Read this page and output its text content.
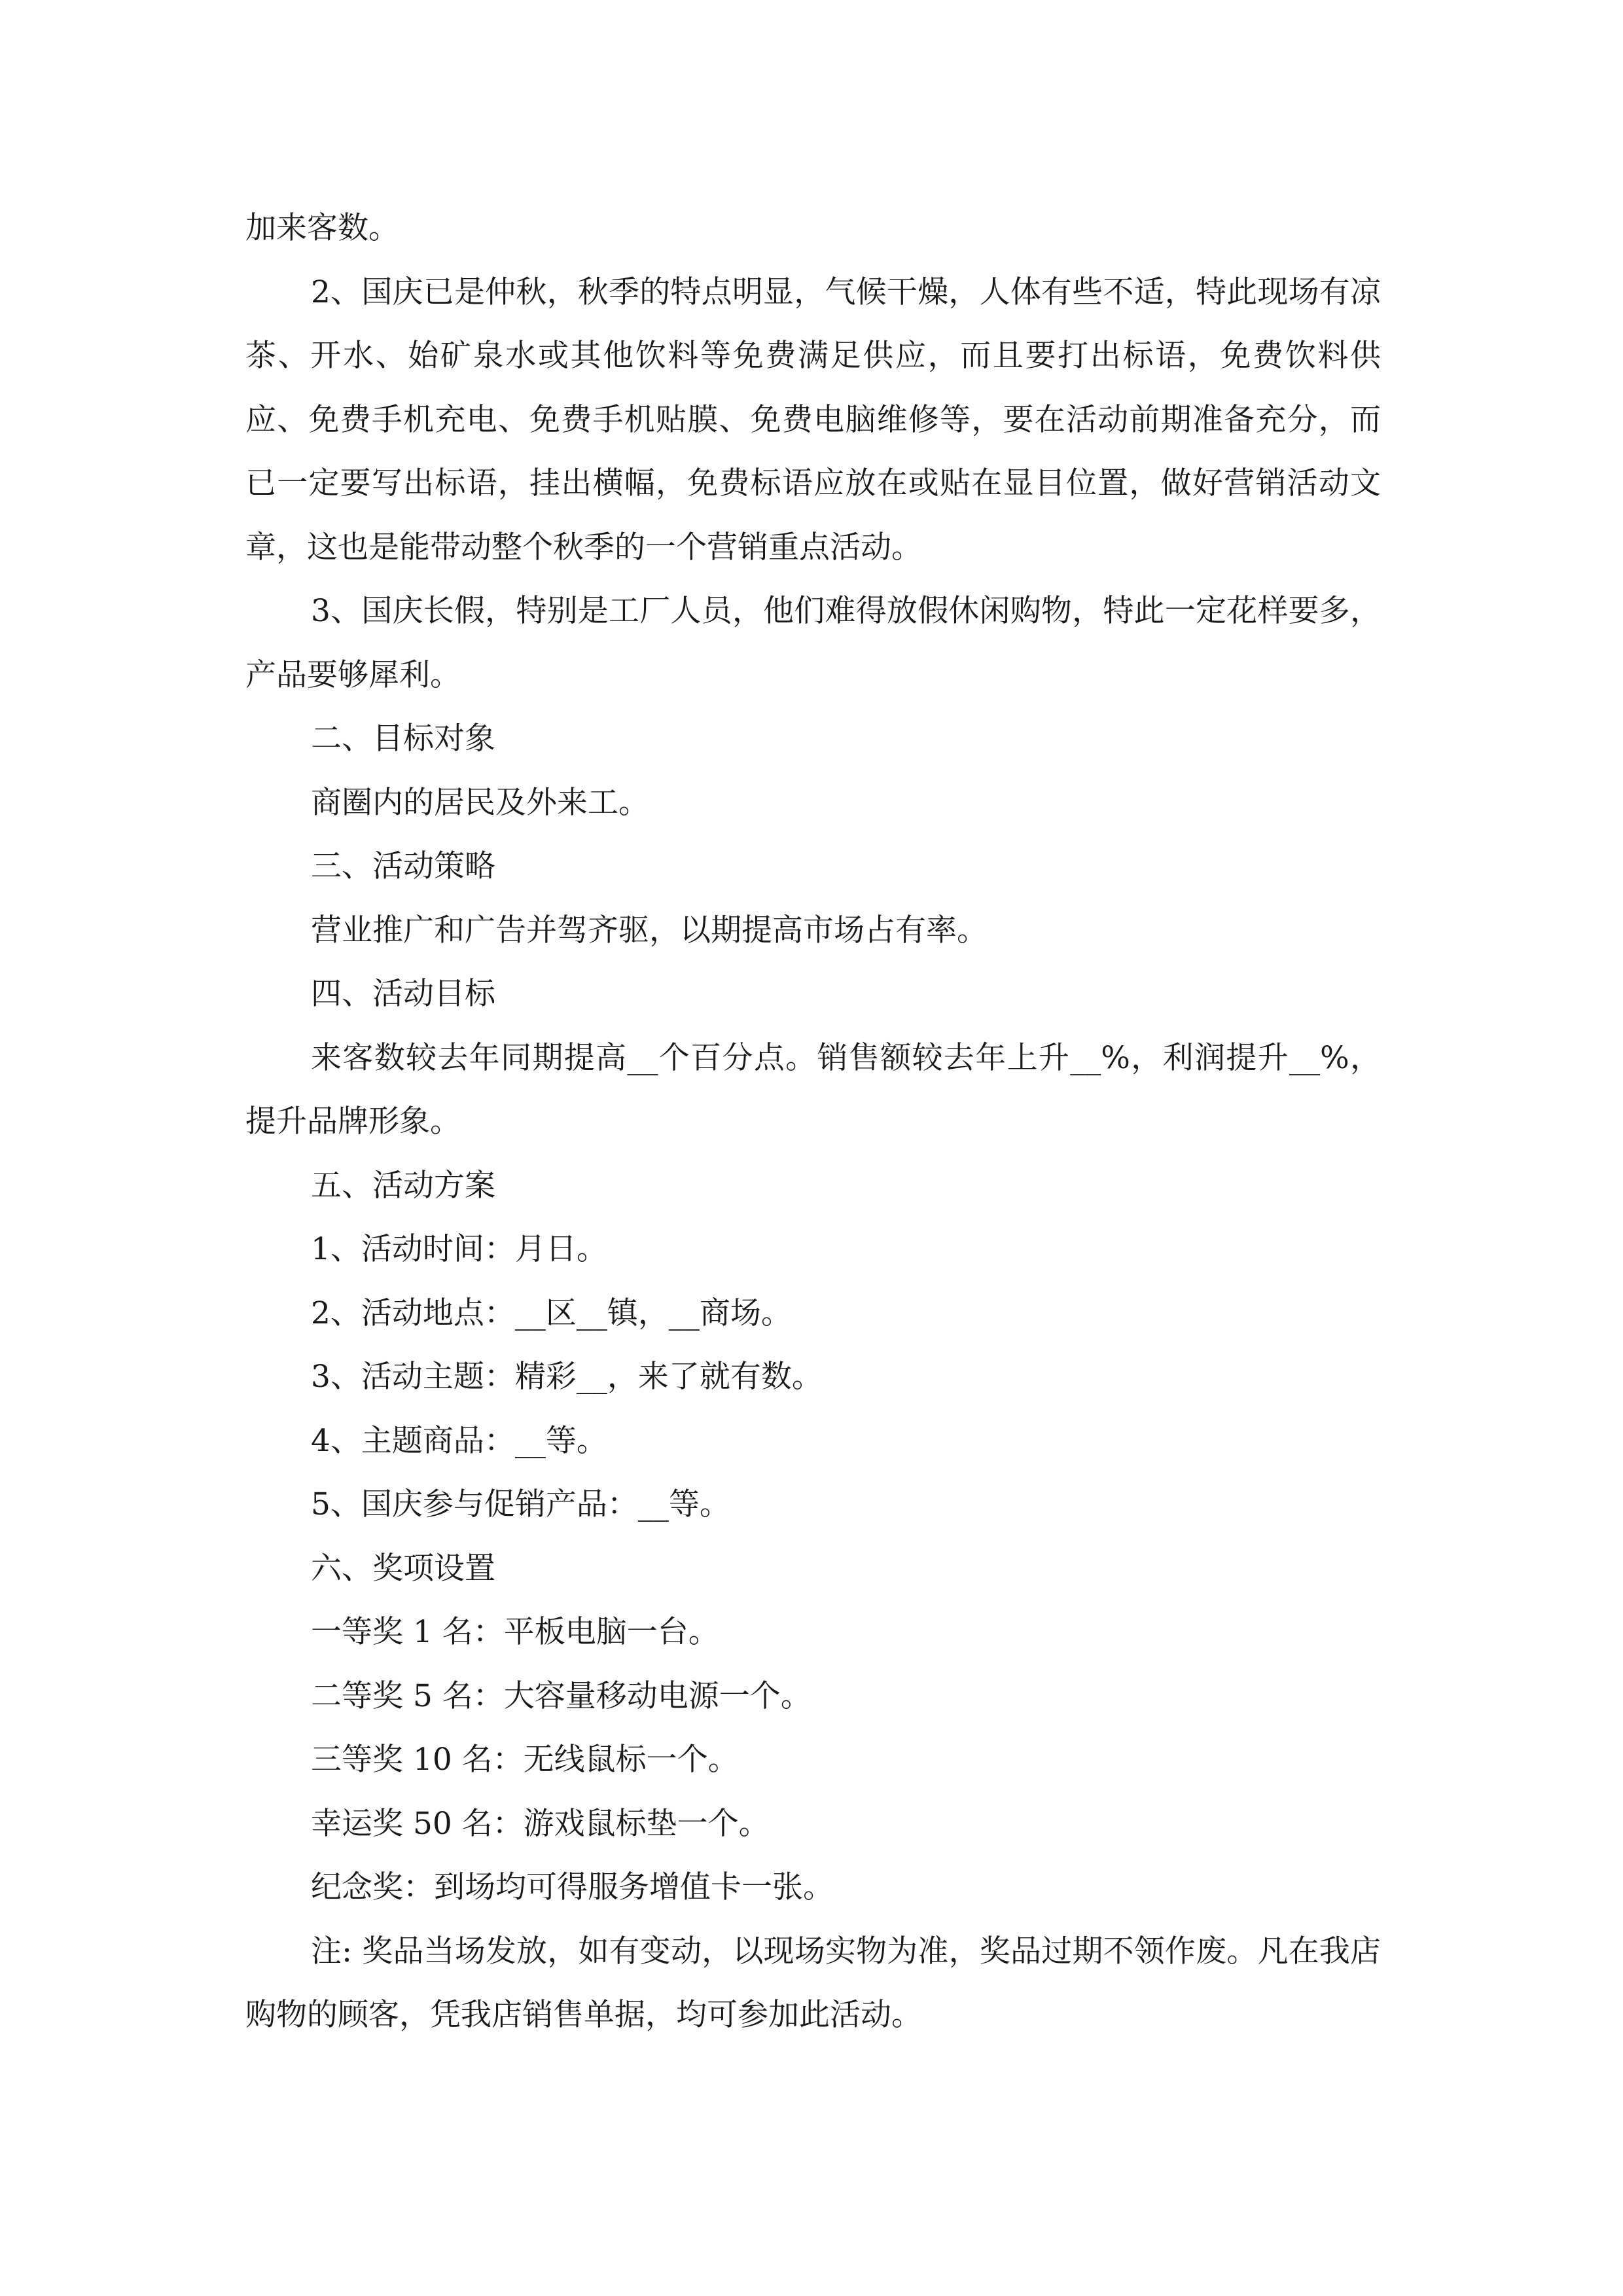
加来客数。

2、国庆已是仲秋，秋季的特点明显，气候干燥，人体有些不适，特此现场有凉茶、开水、始矿泉水或其他饮料等免费满足供应，而且要打出标语，免费饮料供应、免费手机充电、免费手机贴膜、免费电脑维修等，要在活动前期准备充分，而已一定要写出标语，挂出横幅，免费标语应放在或贴在显目位置，做好营销活动文章，这也是能带动整个秋季的一个营销重点活动。

3、国庆长假，特别是工厂人员，他们难得放假休闲购物，特此一定花样要多，产品要够犀利。

二、目标对象

商圈内的居民及外来工。

三、活动策略

营业推广和广告并驾齐驱，以期提高市场占有率。

四、活动目标

来客数较去年同期提高__个百分点。销售额较去年上升__%，利润提升__%，提升品牌形象。

五、活动方案

1、活动时间：月日。

2、活动地点：__区__镇，__商场。

3、活动主题：精彩__，来了就有数。

4、主题商品：__等。

5、国庆参与促销产品：__等。

六、奖项设置

一等奖 1 名：平板电脑一台。

二等奖 5 名：大容量移动电源一个。

三等奖 10 名：无线鼠标一个。

幸运奖 50 名：游戏鼠标垫一个。

纪念奖：到场均可得服务增值卡一张。

注: 奖品当场发放，如有变动，以现场实物为准，奖品过期不领作废。凡在我店购物的顾客，凭我店销售单据，均可参加此活动。
